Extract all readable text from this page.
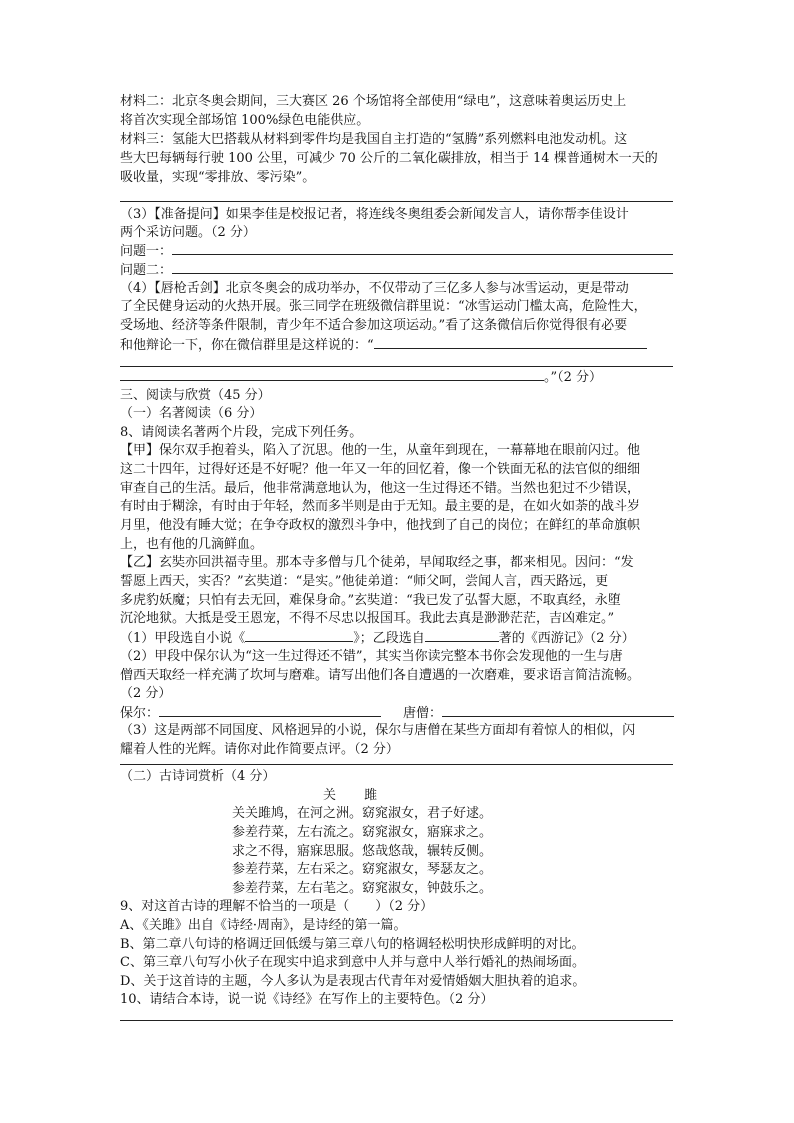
材料二：北京冬奥会期间，三大赛区 26 个场馆将全部使用“绿电”，这意味着奥运历史上
将首次实现全部场馆 100%绿色电能供应。
材料三：氢能大巴搭载从材料到零件均是我国自主打造的“氢腾”系列燃料电池发动机。这
些大巴每辆每行驶 100 公里，可减少 70 公斤的二氧化碳排放，相当于 14 棵普通树木一天的
吸收量，实现“零排放、零污染”。
（3）【准备提问】如果李佳是校报记者，将连线冬奥组委会新闻发言人，请你帮李佳设计
两个采访问题。（2 分）
问题一：
问题二：
（4）【唇枪舌剑】北京冬奥会的成功举办，不仅带动了三亿多人参与冰雪运动，更是带动
了全民健身运动的火热开展。张三同学在班级微信群里说：“冰雪运动门槛太高，危险性大，
受场地、经济等条件限制，青少年不适合参加这项运动。”看了这条微信后你觉得很有必要
和他辩论一下，你在微信群里是这样说的：“
。”（2 分）
三、阅读与欣赏（45 分）
（一）名著阅读（6 分）
8、请阅读名著两个片段，完成下列任务。
【甲】保尔双手抱着头，陷入了沉思。他的一生，从童年到现在，一幕幕地在眼前闪过。他
这二十四年，过得好还是不好呢？他一年又一年的回忆着，像一个铁面无私的法官似的细细
审查自己的生活。最后，他非常满意地认为，他这一生过得还不错。当然也犯过不少错误，
有时由于糊涂，有时由于年轻，然而多半则是由于无知。最主要的是，在如火如荼的战斗岁
月里，他没有睡大觉；在争夺政权的激烈斗争中，他找到了自己的岗位；在鲜红的革命旗帜
上，也有他的几滴鲜血。
【乙】玄奘亦回洪福寺里。那本寺多僧与几个徒弟，早闻取经之事，都来相见。因问：“发
誓愿上西天，实否？”玄奘道：“是实。”他徒弟道：“师父呵，尝闻人言，西天路远，更
多虎豹妖魔；只怕有去无回，难保身命。”玄奘道：“我已发了弘誓大愿，不取真经，永堕
沉沦地狱。大抵是受王恩宠，不得不尽忠以报国耳。我此去真是渺渺茫茫，吉凶难定。”
（1）甲段选自小说《	》；乙段选自	著的《西游记》（2 分）
（2）甲段中保尔认为“这一生过得还不错”，其实当你读完整本书你会发现他的一生与唐
僧西天取经一样充满了坎坷与磨难。请写出他们各自遭遇的一次磨难，要求语言简洁流畅。
（2 分）
保尔：	唐僧：
（3）这是两部不同国度、风格迥异的小说，保尔与唐僧在某些方面却有着惊人的相似，闪
耀着人性的光辉。请你对此作简要点评。（2 分）
（二）古诗词赏析（4 分）
关 雎
关关雎鸠，在河之洲。窈窕淑女，君子好逑。
参差荇菜，左右流之。窈窕淑女，寤寐求之。
求之不得，寤寐思服。悠哉悠哉，辗转反侧。
参差荇菜，左右采之。窈窕淑女，琴瑟友之。
参差荇菜，左右芼之。窈窕淑女，钟鼓乐之。
9、对这首古诗的理解不恰当的一项是（　　）（2 分）
A、《关雎》出自《诗经·周南》，是诗经的第一篇。
B、第二章八句诗的格调迂回低缓与第三章八句的格调轻松明快形成鲜明的对比。
C、第三章八句写小伙子在现实中追求到意中人并与意中人举行婚礼的热闹场面。
D、关于这首诗的主题，今人多认为是表现古代青年对爱情婚姻大胆执着的追求。
10、请结合本诗，说一说《诗经》在写作上的主要特色。（2 分）
